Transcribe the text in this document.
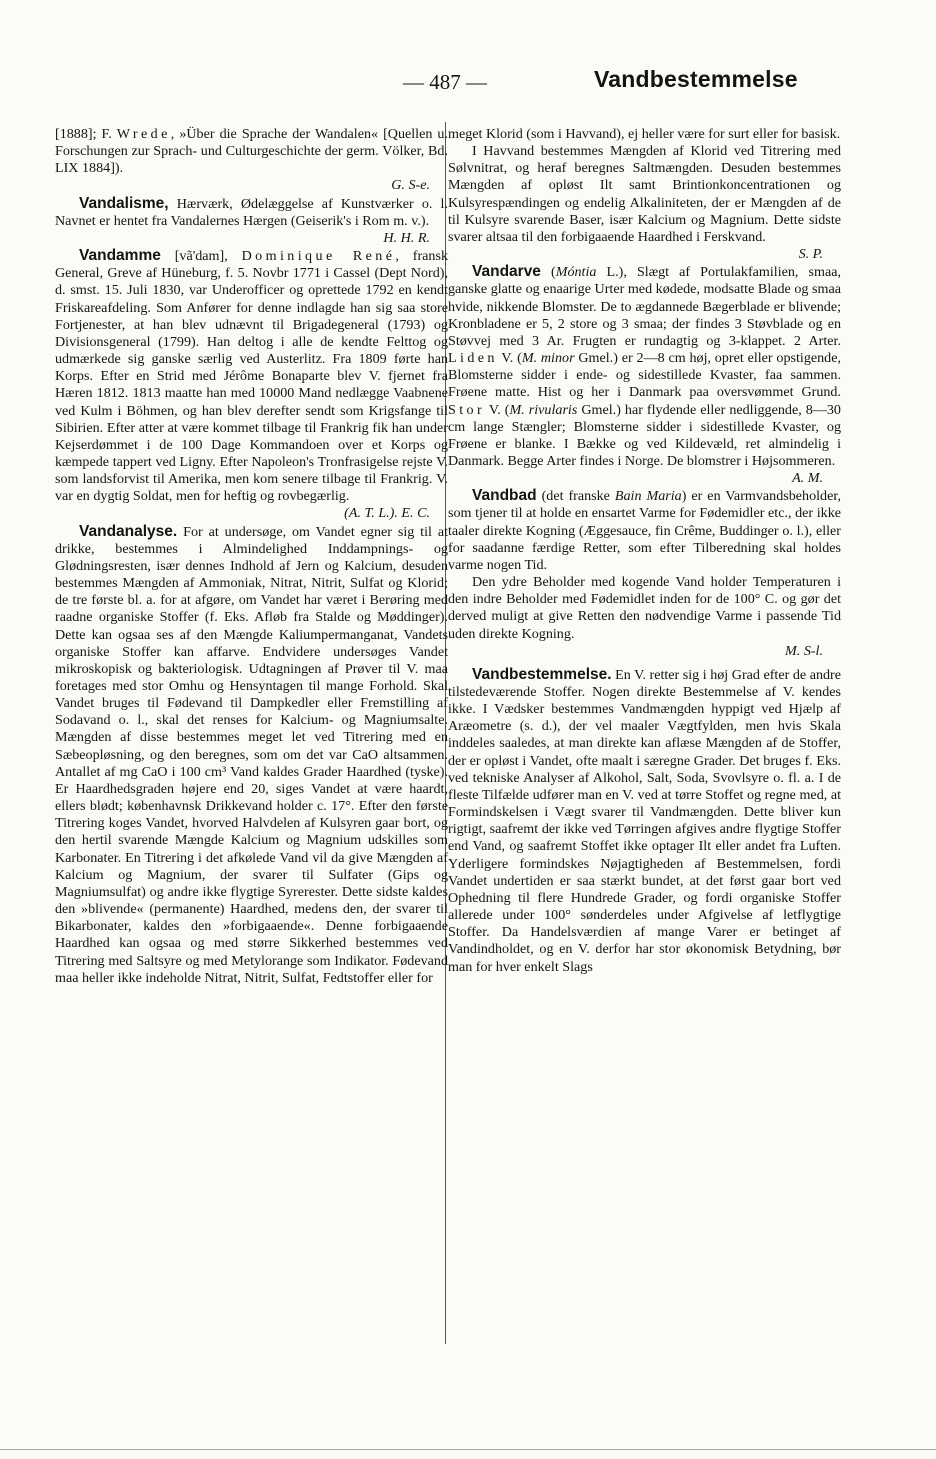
— 487 —	Vandbestemmelse

[1888]; F. Wrede, »Über die Sprache der Wandalen« [Quellen u. Forschungen zur Sprach- und Culturgeschichte der germ. Völker, Bd. LIX 1884]).

G. S-e.

Vandalisme, Hærværk, Ødelæggelse af Kunstværker o. l. Navnet er hentet fra Vandalernes Hærgen (Geiserik's i Rom m. v.).

H. H. R.

Vandamme [vã'dam], Dominique René, fransk General, Greve af Hüneburg, f. 5. Novbr 1771 i Cassel (Dept Nord), d. smst. 15. Juli 1830, var Underofficer og oprettede 1792 en kendt Friskareafdeling. Som Anfører for denne indlagde han sig saa store Fortjenester, at han blev udnævnt til Brigadegeneral (1793) og Divisionsgeneral (1799). Han deltog i alle de kendte Felttog og udmærkede sig ganske særlig ved Austerlitz. Fra 1809 førte han Korps. Efter en Strid med Jérôme Bonaparte blev V. fjernet fra Hæren 1812. 1813 maatte han med 10000 Mand nedlægge Vaabnene ved Kulm i Böhmen, og han blev derefter sendt som Krigsfange til Sibirien. Efter atter at være kommet tilbage til Frankrig fik han under Kejserdømmet i de 100 Dage Kommandoen over et Korps og kæmpede tappert ved Ligny. Efter Napoleon's Tronfrasigelse rejste V. som landsforvist til Amerika, men kom senere tilbage til Frankrig. V. var en dygtig Soldat, men for heftig og rovbegærlig.

(A. T. L.). E. C.

Vandanalyse. For at undersøge, om Vandet egner sig til at drikke, bestemmes i Almindelighed Inddampnings- og Glødningsresten, især dennes Indhold af Jern og Kalcium, desuden bestemmes Mængden af Ammoniak, Nitrat, Nitrit, Sulfat og Klorid; de tre første bl. a. for at afgøre, om Vandet har været i Berøring med raadne organiske Stoffer (f. Eks. Afløb fra Stalde og Møddinger). Dette kan ogsaa ses af den Mængde Kaliumpermanganat, Vandets organiske Stoffer kan affarve. Endvidere undersøges Vandet mikroskopisk og bakteriologisk. Udtagningen af Prøver til V. maa foretages med stor Omhu og Hensyntagen til mange Forhold. Skal Vandet bruges til Fødevand til Dampkedler eller Fremstilling af Sodavand o. l., skal det renses for Kalcium- og Magniumsalte. Mængden af disse bestemmes meget let ved Titrering med en Sæbeopløsning, og den beregnes, som om det var CaO altsammen. Antallet af mg CaO i 100 cm³ Vand kaldes Grader Haardhed (tyske). Er Haardhedsgraden højere end 20, siges Vandet at være haardt, ellers blødt; københavnsk Drikkevand holder c. 17°. Efter den første Titrering koges Vandet, hvorved Halvdelen af Kulsyren gaar bort, og den hertil svarende Mængde Kalcium og Magnium udskilles som Karbonater. En Titrering i det afkølede Vand vil da give Mængden af Kalcium og Magnium, der svarer til Sulfater (Gips og Magniumsulfat) og andre ikke flygtige Syrerester. Dette sidste kaldes den »blivende« (permanente) Haardhed, medens den, der svarer til Bikarbonater, kaldes den »forbigaaende«. Denne forbigaaende Haardhed kan ogsaa og med større Sikkerhed bestemmes ved Titrering med Saltsyre og med Metylorange som Indikator. Fødevand maa heller ikke indeholde Nitrat, Nitrit, Sulfat, Fedtstoffer eller for

meget Klorid (som i Havvand), ej heller være for surt eller for basisk.

I Havvand bestemmes Mængden af Klorid ved Titrering med Sølvnitrat, og heraf beregnes Saltmængden. Desuden bestemmes Mængden af opløst Ilt samt Brintionkoncentrationen og Kulsyrespændingen og endelig Alkaliniteten, der er Mængden af de til Kulsyre svarende Baser, især Kalcium og Magnium. Dette sidste svarer altsaa til den forbigaaende Haardhed i Ferskvand.

S. P.

Vandarve (Móntia L.), Slægt af Portulakfamilien, smaa, ganske glatte og enaarige Urter med kødede, modsatte Blade og smaa hvide, nikkende Blomster. De to ægdannede Bægerblade er blivende; Kronbladene er 5, 2 store og 3 smaa; der findes 3 Støvblade og en Støvvej med 3 Ar. Frugten er rundagtig og 3-klappet. 2 Arter. Liden V. (M. minor Gmel.) er 2—8 cm høj, opret eller opstigende, Blomsterne sidder i ende- og sidestillede Kvaster, faa sammen. Frøene matte. Hist og her i Danmark paa oversvømmet Grund. Stor V. (M. rivularis Gmel.) har flydende eller nedliggende, 8—30 cm lange Stængler; Blomsterne sidder i sidestillede Kvaster, og Frøene er blanke. I Bække og ved Kildevæld, ret almindelig i Danmark. Begge Arter findes i Norge. De blomstrer i Højsommeren.

A. M.

Vandbad (det franske Bain Maria) er en Varmvandsbeholder, som tjener til at holde en ensartet Varme for Fødemidler etc., der ikke taaler direkte Kogning (Æggesauce, fin Crême, Buddinger o. l.), eller for saadanne færdige Retter, som efter Tilberedning skal holdes varme nogen Tid.

Den ydre Beholder med kogende Vand holder Temperaturen i den indre Beholder med Fødemidlet inden for de 100° C. og gør det derved muligt at give Retten den nødvendige Varme i passende Tid uden direkte Kogning.

M. S-l.

Vandbestemmelse. En V. retter sig i høj Grad efter de andre tilstedeværende Stoffer. Nogen direkte Bestemmelse af V. kendes ikke. I Vædsker bestemmes Vandmængden hyppigt ved Hjælp af Aræometre (s. d.), der vel maaler Vægtfylden, men hvis Skala inddeles saaledes, at man direkte kan aflæse Mængden af de Stoffer, der er opløst i Vandet, ofte maalt i særegne Grader. Det bruges f. Eks. ved tekniske Analyser af Alkohol, Salt, Soda, Svovlsyre o. fl. a. I de fleste Tilfælde udfører man en V. ved at tørre Stoffet og regne med, at Formindskelsen i Vægt svarer til Vandmængden. Dette bliver kun rigtigt, saafremt der ikke ved Tørringen afgives andre flygtige Stoffer end Vand, og saafremt Stoffet ikke optager Ilt eller andet fra Luften. Yderligere formindskes Nøjagtigheden af Bestemmelsen, fordi Vandet undertiden er saa stærkt bundet, at det først gaar bort ved Ophedning til flere Hundrede Grader, og fordi organiske Stoffer allerede under 100° sønderdeles under Afgivelse af letflygtige Stoffer. Da Handelsværdien af mange Varer er betinget af Vandindholdet, og en V. derfor har stor økonomisk Betydning, bør man for hver enkelt Slags
